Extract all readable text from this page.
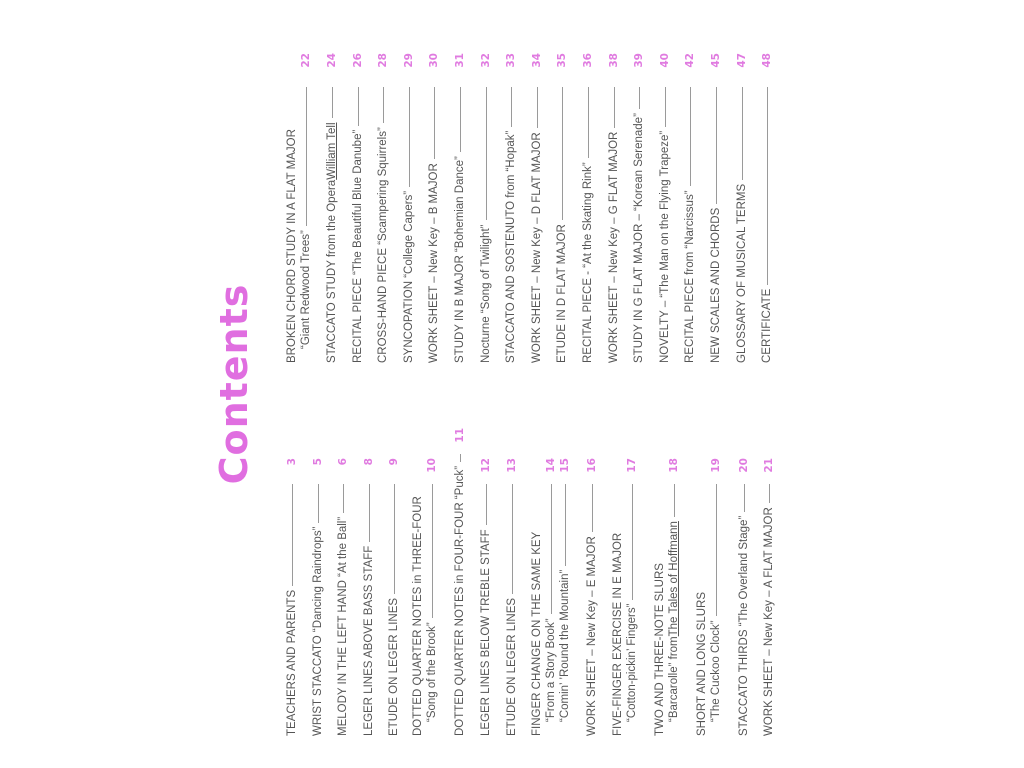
Contents
TEACHERS AND PARENTS
3
WRIST STACCATO “Dancing Raindrops”
5
MELODY IN THE LEFT HAND “At the Ball”
6
LEGER LINES ABOVE BASS STAFF
8
ETUDE ON LEGER LINES
9
DOTTED QUARTER NOTES in THREE-FOUR “Song of the Brook”
10
DOTTED QUARTER NOTES in FOUR-FOUR “Puck”
11
LEGER LINES BELOW TREBLE STAFF
12
ETUDE ON LEGER LINES
13
FINGER CHANGE ON THE SAME KEY “From a Story Book”
14
“Comin’ ’Round the Mountain”
15
WORK SHEET – New Key – E MAJOR
16
FIVE-FINGER EXERCISE IN E MAJOR “Cotton-pickin’ Fingers”
17
TWO AND THREE-NOTE SLURS “Barcarolle” from
The Tales of Hoffmann
18
SHORT AND LONG SLURS “The Cuckoo Clock”
19
STACCATO THIRDS “The Overland Stage”
20
WORK SHEET – New Key – A FLAT MAJOR
21
BROKEN CHORD STUDY IN A FLAT MAJOR “Giant Redwood Trees”
22
STACCATO STUDY from the Opera
William Tell
24
RECITAL PIECE “The Beautiful Blue Danube”
26
CROSS-HAND PIECE “Scampering Squirrels”
28
SYNCOPATION “College Capers”
29
WORK SHEET – New Key – B MAJOR
30
STUDY IN B MAJOR “Bohemian Dance”
31
Nocturne “Song of Twilight”
32
STACCATO AND SOSTENUTO from “Hopak”
33
WORK SHEET – New Key – D FLAT MAJOR
34
ETUDE IN D FLAT MAJOR
35
RECITAL PIECE - “At the Skating Rink”
36
WORK SHEET – New Key – G FLAT MAJOR
38
STUDY IN G FLAT MAJOR – “Korean Serenade”
39
NOVELTY – “The Man on the Flying Trapeze”
40
RECITAL PIECE from “Narcissus”
42
NEW SCALES AND CHORDS
45
GLOSSARY OF MUSICAL TERMS
47
CERTIFICATE
48
